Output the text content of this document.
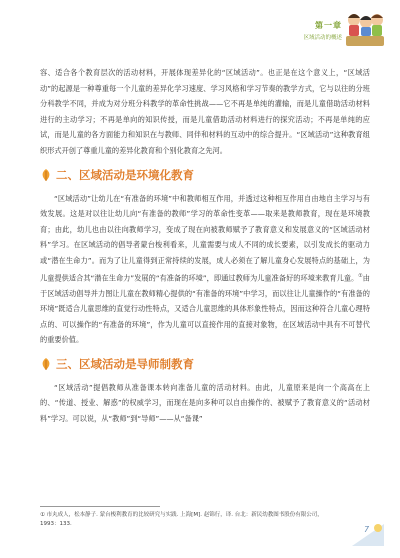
第一章
区域活动的概述

容、适合各个教育层次的活动材料，开展体现差异化的“区域活动”。也正是在这个意义上，“区域活动”的起源是一种尊重每一个儿童的差异化学习速度、学习风格和学习节奏的教学方式，它与以往的分班分科教学不同，并成为对分班分科教学的革命性挑战——它不再是单纯的灌输，而是儿童借助活动材料进行的主动学习；不再是单向的知识传授，而是儿童借助活动材料进行的探究活动；不再是单纯的应试，而是儿童的各方面能力和知识在与教师、同伴和材料的互动中的综合提升。“区域活动”这种教育组织形式开创了尊重儿童的差异化教育和个别化教育之先河。

二、区域活动是环境化教育

“区域活动”让幼儿在“有准备的环境”中和教师相互作用，并透过这种相互作用自由地自主学习与有效发展。这是对以往让幼儿向“有准备的教师”学习的革命性变革——取来是教师教育，现在是环境教育；由此，幼儿也由以往向教师学习，变成了现在向被教师赋予了教育意义和发展意义的“区域活动材料”学习。在区域活动的倡导者蒙台梭利看来，儿童需要与成人不同的成长要素，以引发成长的驱动力或“潜在生命力”。而为了让儿童得到正常持续的发展，成人必须在了解儿童身心发展特点的基础上，为儿童提供适合其“潜在生命力”发展的“有准备的环境”，即通过教师为儿童准备好的环境来教育儿童。①由于区域活动倡导并力图让儿童在教师精心提供的“有准备的环境”中学习，而以往让儿童操作的“有准备的环境”既适合儿童思维的直觉行动性特点，又适合儿童思维的具体形象性特点，因而这种符合儿童心理特点的、可以操作的“有准备的环境”，作为儿童可以直接作用的直接对象物，在区域活动中具有不可替代的重要价值。

三、区域活动是导师制教育

“区域活动”提倡教师从准备课本转向准备儿童的活动材料。由此，儿童原来是向一个高高在上的、“传道、授业、解惑”的权威学习，而现在是向多种可以自由操作的、被赋予了教育意义的“活动材料”学习。可以说，从“教师”到“导师”——从“备课”

① 市丸成人，松本静子. 蒙台梭利教育的比较研究与实践. 上海[M]. 赵锦行，译. 台北：新民幼教图书股份有限公司，1993：133.
7
